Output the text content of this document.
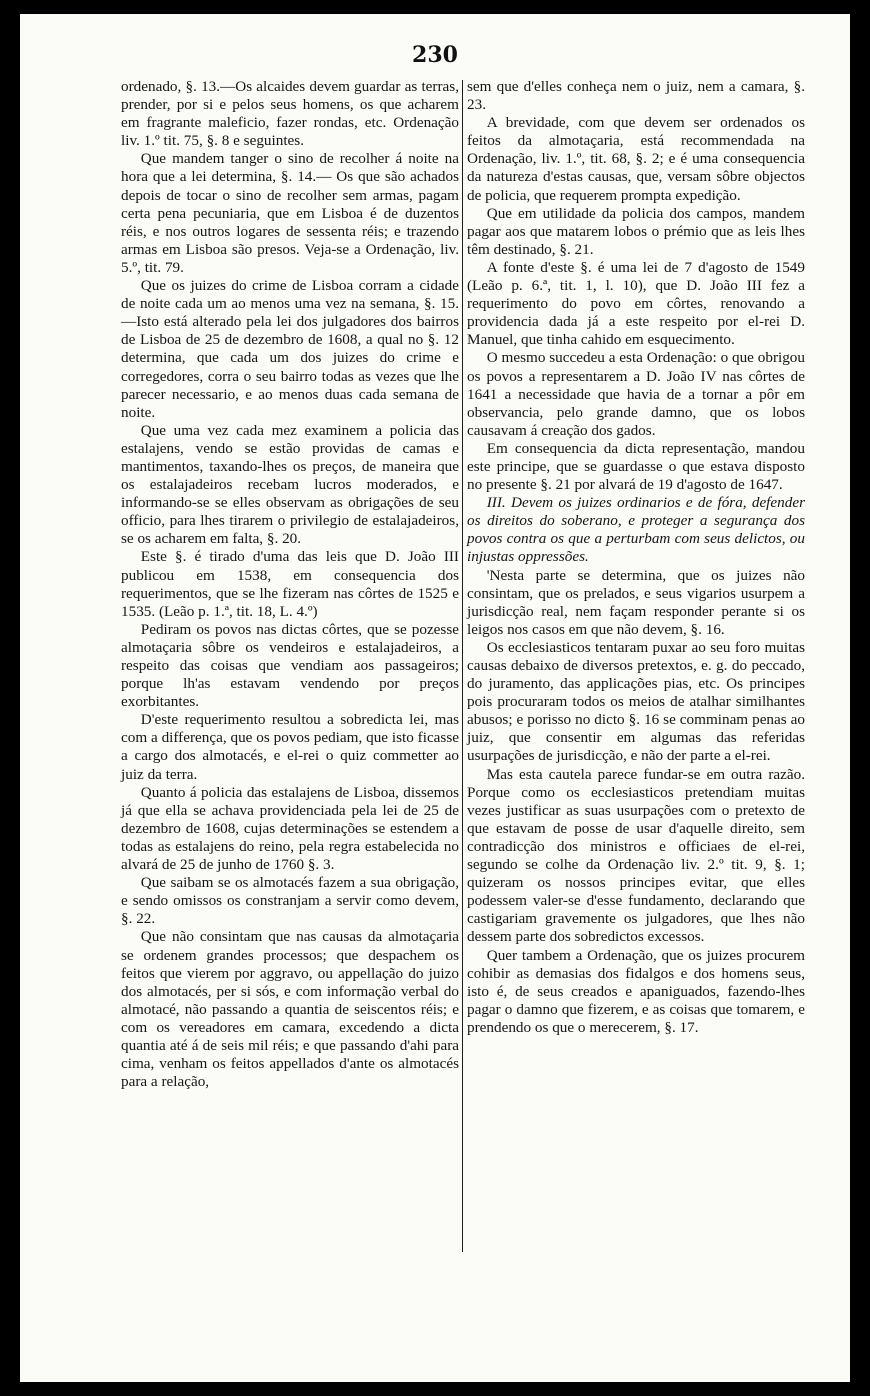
230

ordenado, §. 13.—Os alcaides devem guardar as terras, prender, por si e pelos seus homens, os que acharem em fragrante maleficio, fazer rondas, etc. Ordenação liv. 1.º tit. 75, §. 8 e seguintes.

Que mandem tanger o sino de recolher á noite na hora que a lei determina, §. 14.— Os que são achados depois de tocar o sino de recolher sem armas, pagam certa pena pecuniaria, que em Lisboa é de duzentos réis, e nos outros logares de sessenta réis; e trazendo armas em Lisboa são presos. Veja-se a Ordenação, liv. 5.º, tit. 79.

Que os juizes do crime de Lisboa corram a cidade de noite cada um ao menos uma vez na semana, §. 15.—Isto está alterado pela lei dos julgadores dos bairros de Lisboa de 25 de dezembro de 1608, a qual no §. 12 determina, que cada um dos juizes do crime e corregedores, corra o seu bairro todas as vezes que lhe parecer necessario, e ao menos duas cada semana de noite.

Que uma vez cada mez examinem a policia das estalajens, vendo se estão providas de camas e mantimentos, taxando-lhes os preços, de maneira que os estalajadeiros recebam lucros moderados, e informando-se se elles observam as obrigações de seu officio, para lhes tirarem o privilegio de estalajadeiros, se os acharem em falta, §. 20.

Este §. é tirado d'uma das leis que D. João III publicou em 1538, em consequencia dos requerimentos, que se lhe fizeram nas côrtes de 1525 e 1535. (Leão p. 1.ª, tit. 18, L. 4.º)

Pediram os povos nas dictas côrtes, que se pozesse almotaçaria sôbre os vendeiros e estalajadeiros, a respeito das coisas que vendiam aos passageiros; porque lh'as estavam vendendo por preços exorbitantes.

D'este requerimento resultou a sobredicta lei, mas com a differença, que os povos pediam, que isto ficasse a cargo dos almotacés, e el-rei o quiz commetter ao juiz da terra.

Quanto á policia das estalajens de Lisboa, dissemos já que ella se achava providenciada pela lei de 25 de dezembro de 1608, cujas determinações se estendem a todas as estalajens do reino, pela regra estabelecida no alvará de 25 de junho de 1760 §. 3.

Que saibam se os almotacés fazem a sua obrigação, e sendo omissos os constranjam a servir como devem, §. 22.

Que não consintam que nas causas da almotaçaria se ordenem grandes processos; que despachem os feitos que vierem por aggravo, ou appellação do juizo dos almotacés, per si sós, e com informação verbal do almotacé, não passando a quantia de seiscentos réis; e com os vereadores em camara, excedendo a dicta quantia até á de seis mil réis; e que passando d'ahi para cima, venham os feitos appellados d'ante os almotacés para a relação,

sem que d'elles conheça nem o juiz, nem a camara, §. 23.

A brevidade, com que devem ser ordenados os feitos da almotaçaria, está recommendada na Ordenação, liv. 1.º, tit. 68, §. 2; e é uma consequencia da natureza d'estas causas, que, versam sôbre objectos de policia, que requerem prompta expedição.

Que em utilidade da policia dos campos, mandem pagar aos que matarem lobos o prémio que as leis lhes têm destinado, §. 21.

A fonte d'este §. é uma lei de 7 d'agosto de 1549 (Leão p. 6.ª, tit. 1, l. 10), que D. João III fez a requerimento do povo em côrtes, renovando a providencia dada já a este respeito por el-rei D. Manuel, que tinha cahido em esquecimento.

O mesmo succedeu a esta Ordenação: o que obrigou os povos a representarem a D. João IV nas côrtes de 1641 a necessidade que havia de a tornar a pôr em observancia, pelo grande damno, que os lobos causavam á creação dos gados.

Em consequencia da dicta representação, mandou este principe, que se guardasse o que estava disposto no presente §. 21 por alvará de 19 d'agosto de 1647.

III. Devem os juizes ordinarios e de fóra, defender os direitos do soberano, e proteger a segurança dos povos contra os que a perturbam com seus delictos, ou injustas oppressões.

'Nesta parte se determina, que os juizes não consintam, que os prelados, e seus vigarios usurpem a jurisdicção real, nem façam responder perante si os leigos nos casos em que não devem, §. 16.

Os ecclesiasticos tentaram puxar ao seu foro muitas causas debaixo de diversos pretextos, e. g. do peccado, do juramento, das applicações pias, etc. Os principes pois procuraram todos os meios de atalhar similhantes abusos; e porisso no dicto §. 16 se comminam penas ao juiz, que consentir em algumas das referidas usurpações de jurisdicção, e não der parte a el-rei.

Mas esta cautela parece fundar-se em outra razão. Porque como os ecclesiasticos pretendiam muitas vezes justificar as suas usurpações com o pretexto de que estavam de posse de usar d'aquelle direito, sem contradicção dos ministros e officiaes de el-rei, segundo se colhe da Ordenação liv. 2.º tit. 9, §. 1; quizeram os nossos principes evitar, que elles podessem valer-se d'esse fundamento, declarando que castigariam gravemente os julgadores, que lhes não dessem parte dos sobredictos excessos.

Quer tambem a Ordenação, que os juizes procurem cohibir as demasias dos fidalgos e dos homens seus, isto é, de seus creados e apaniguados, fazendo-lhes pagar o damno que fizerem, e as coisas que tomarem, e prendendo os que o merecerem, §. 17.
